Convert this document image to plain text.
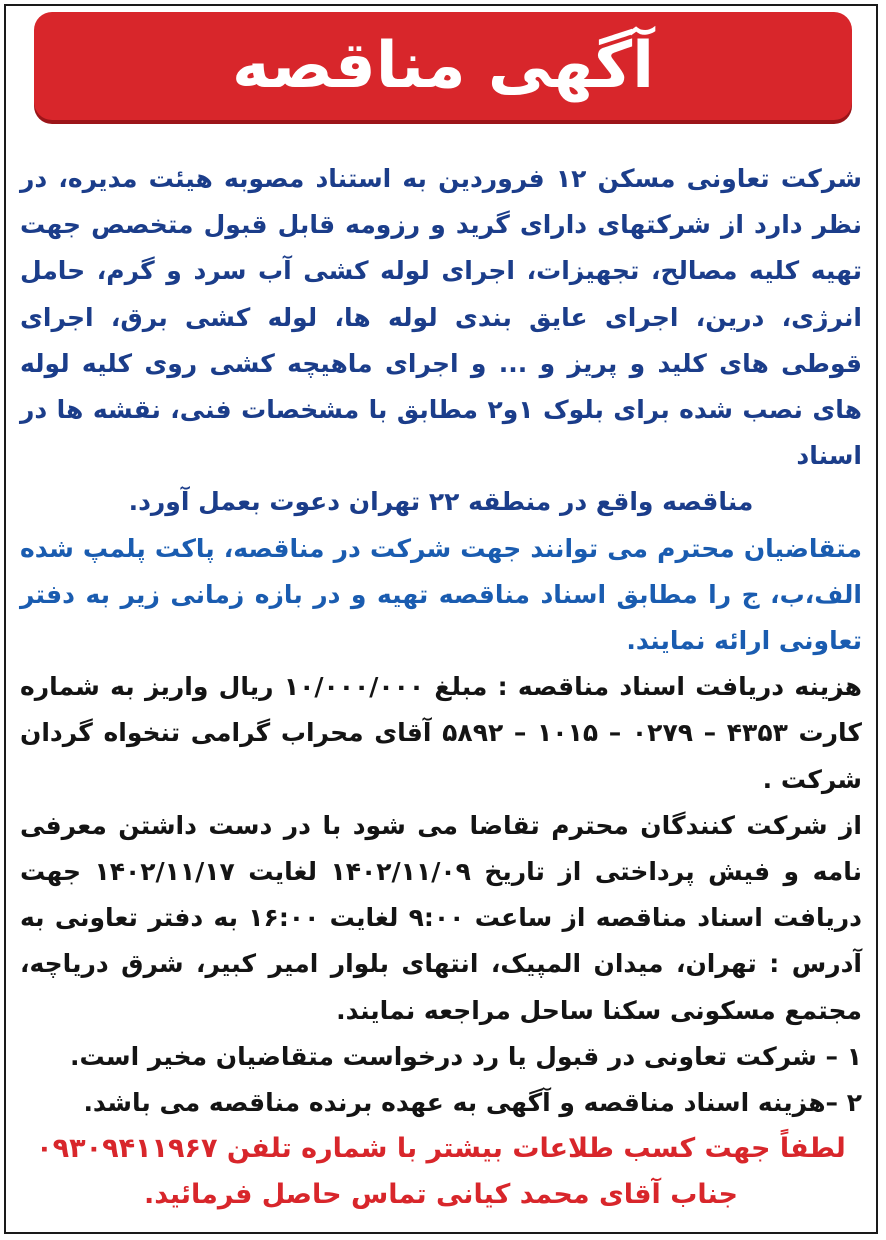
آگهی مناقصه

شرکت تعاونی مسکن ۱۲ فروردین به استناد مصوبه هیئت مدیره، در نظر دارد از شرکتهای دارای گرید و رزومه قابل قبول متخصص جهت تهیه کلیه مصالح، تجهیزات، اجرای لوله کشی آب سرد و گرم، حامل انرژی، درین، اجرای عایق بندی لوله ها، لوله کشی برق، اجرای قوطی های کلید و پریز و ... و اجرای ماهیچه کشی روی کلیه لوله های نصب شده برای بلوک ۱و۲ مطابق با مشخصات فنی، نقشه ها در اسناد

مناقصه واقع در منطقه ۲۲ تهران دعوت بعمل آورد.

متقاضیان محترم می توانند جهت شرکت در مناقصه، پاکت پلمپ شده الف،ب، ج را مطابق اسناد مناقصه تهیه و در بازه زمانی زیر به دفتر تعاونی ارائه نمایند.

هزینه دریافت اسناد مناقصه : مبلغ ۱۰/۰۰۰/۰۰۰ ریال واریز به شماره کارت ۴۳۵۳ – ۰۲۷۹ – ۱۰۱۵ – ۵۸۹۲ آقای محراب گرامی تنخواه گردان شرکت .

از شرکت کنندگان محترم تقاضا می شود با در دست داشتن معرفی نامه و فیش پرداختی از تاریخ ۱۴۰۲/۱۱/۰۹ لغایت ۱۴۰۲/۱۱/۱۷ جهت دریافت اسناد مناقصه از ساعت ۹:۰۰ لغایت ۱۶:۰۰ به دفتر تعاونی به آدرس : تهران، میدان المپیک، انتهای بلوار امیر کبیر، شرق دریاچه، مجتمع مسکونی سکنا ساحل مراجعه نمایند.

۱ – شرکت تعاونی در قبول یا رد درخواست متقاضیان مخیر است.

۲ –هزینه اسناد مناقصه و آگهی به عهده برنده مناقصه می باشد.

لطفاً جهت کسب طلاعات بیشتر با شماره تلفن ۰۹۳۰۹۴۱۱۹۶۷

جناب آقای محمد کیانی تماس حاصل فرمائید.
